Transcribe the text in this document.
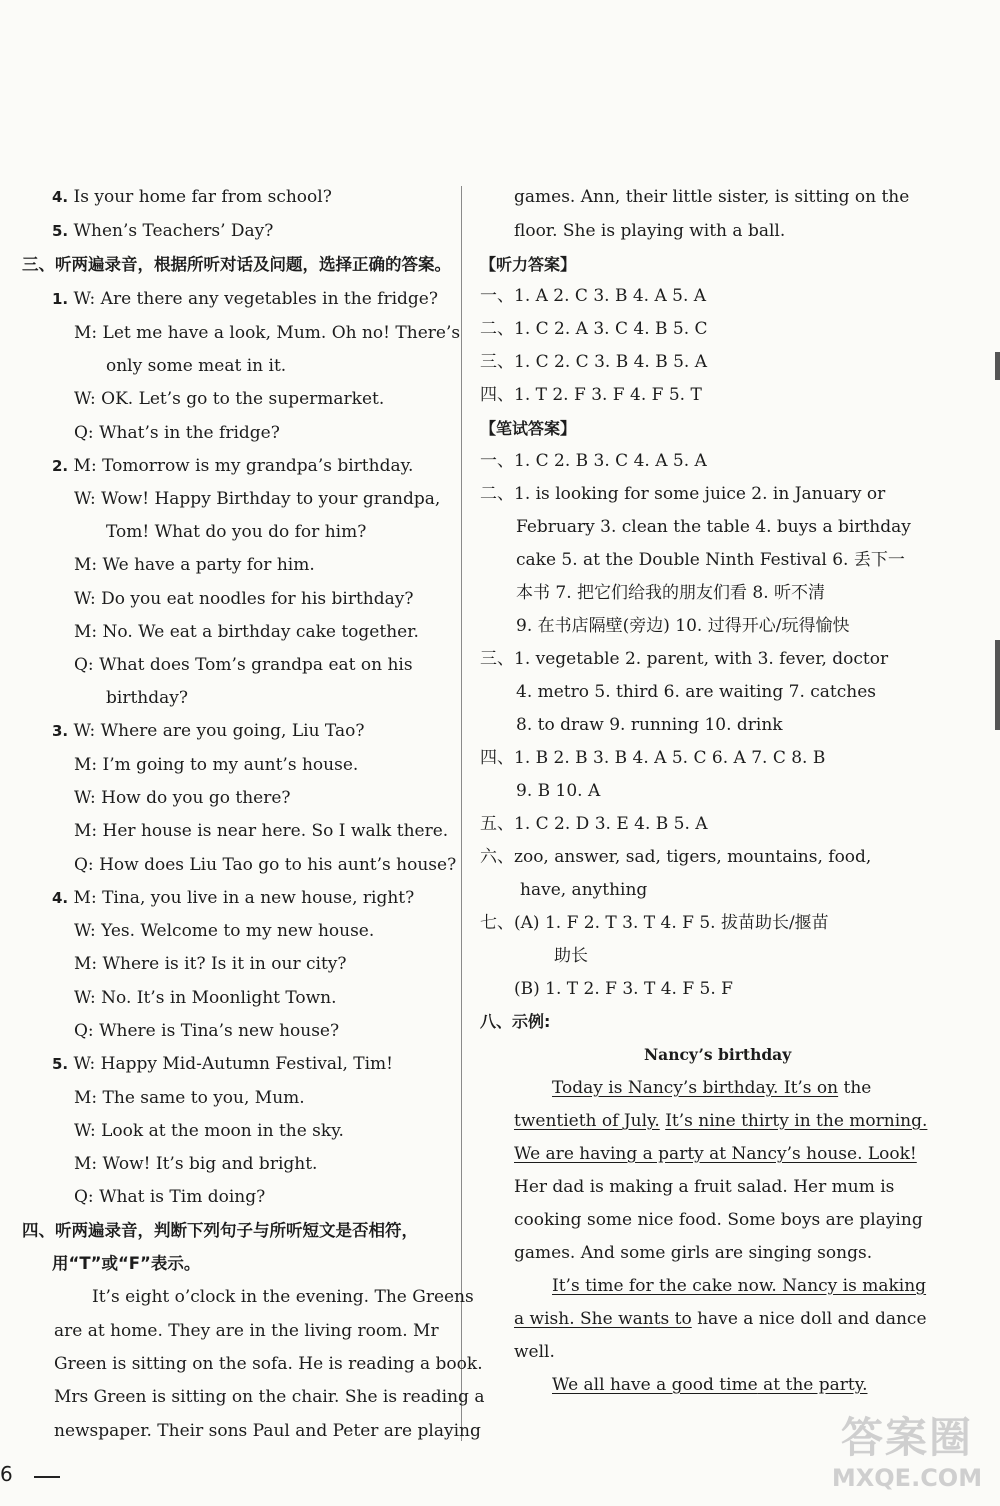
4. Is your home far from school?
5. When’s Teachers’ Day?
三、听两遍录音，根据所听对话及问题，选择正确的答案。
1. W: Are there any vegetables in the fridge?
M: Let me have a look, Mum. Oh no! There’s
only some meat in it.
W: OK. Let’s go to the supermarket.
Q: What’s in the fridge?
2. M: Tomorrow is my grandpa’s birthday.
W: Wow! Happy Birthday to your grandpa,
Tom! What do you do for him?
M: We have a party for him.
W: Do you eat noodles for his birthday?
M: No. We eat a birthday cake together.
Q: What does Tom’s grandpa eat on his
birthday?
3. W: Where are you going, Liu Tao?
M: I’m going to my aunt’s house.
W: How do you go there?
M: Her house is near here. So I walk there.
Q: How does Liu Tao go to his aunt’s house?
4. M: Tina, you live in a new house, right?
W: Yes. Welcome to my new house.
M: Where is it? Is it in our city?
W: No. It’s in Moonlight Town.
Q: Where is Tina’s new house?
5. W: Happy Mid-Autumn Festival, Tim!
M: The same to you, Mum.
W: Look at the moon in the sky.
M: Wow! It’s big and bright.
Q: What is Tim doing?
四、听两遍录音，判断下列句子与所听短文是否相符，
用“T”或“F”表示。
It’s eight o’clock in the evening. The Greens
are at home. They are in the living room. Mr
Green is sitting on the sofa. He is reading a book.
Mrs Green is sitting on the chair. She is reading a
newspaper. Their sons Paul and Peter are playing
games. Ann, their little sister, is sitting on the
floor. She is playing with a ball.
【听力答案】
一、1. A 2. C 3. B 4. A 5. A
二、1. C 2. A 3. C 4. B 5. C
三、1. C 2. C 3. B 4. B 5. A
四、1. T 2. F 3. F 4. F 5. T
【笔试答案】
一、1. C 2. B 3. C 4. A 5. A
二、1. is looking for some juice 2. in January or
February 3. clean the table 4. buys a birthday
cake 5. at the Double Ninth Festival 6. 丢下一
本书 7. 把它们给我的朋友们看 8. 听不清
9. 在书店隔壁(旁边) 10. 过得开心/玩得愉快
三、1. vegetable 2. parent, with 3. fever, doctor
4. metro 5. third 6. are waiting 7. catches
8. to draw 9. running 10. drink
四、1. B 2. B 3. B 4. A 5. C 6. A 7. C 8. B
9. B 10. A
五、1. C 2. D 3. E 4. B 5. A
六、zoo, answer, sad, tigers, mountains, food,
have, anything
七、(A) 1. F 2. T 3. T 4. F 5. 拔苗助长/揠苗
助长
(B) 1. T 2. F 3. T 4. F 5. F
八、示例:
Nancy’s birthday
Today is Nancy’s birthday. It’s on the
twentieth of July. It’s nine thirty in the morning.
We are having a party at Nancy’s house. Look!
Her dad is making a fruit salad. Her mum is
cooking some nice food. Some boys are playing
games. And some girls are singing songs.
It’s time for the cake now. Nancy is making
a wish. She wants to have a nice doll and dance
well.
We all have a good time at the party.
6
答案圈
MXQE.COM
